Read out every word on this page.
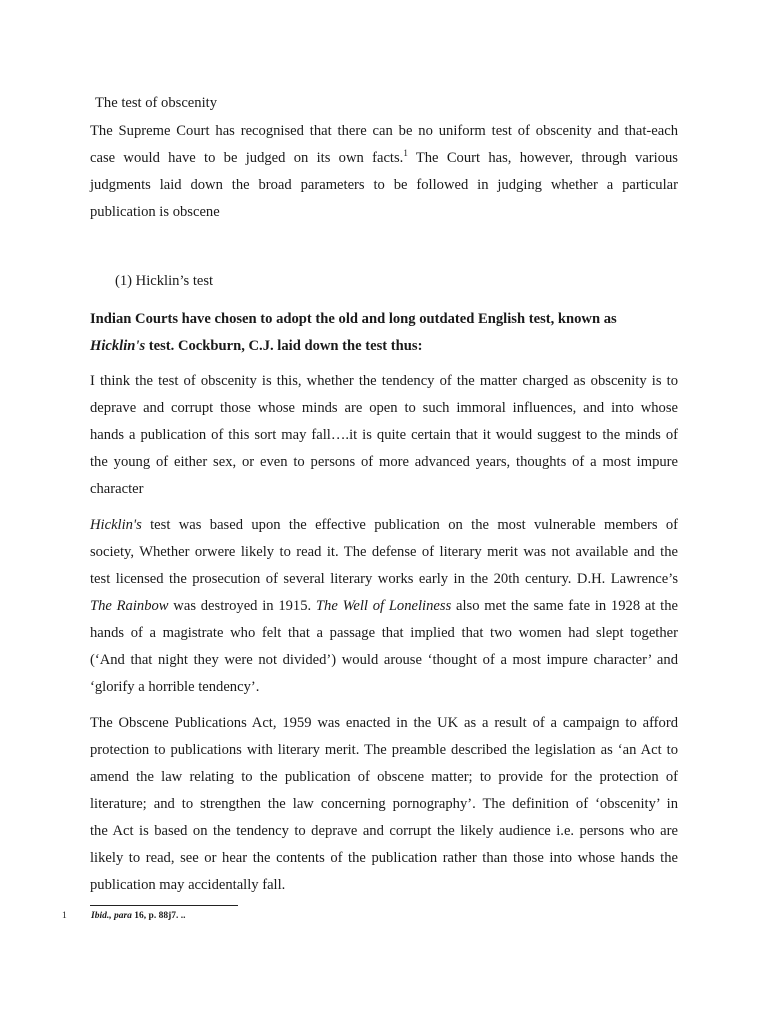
The test of obscenity
The Supreme Court has recognised that there can be no uniform test of obscenity and that-each
case would have to be judged on its own facts.$^1$ The Court has, however, through various
judgments laid down the broad parameters to be followed in judging whether a particular
publication is obscene
(1) Hicklin’s test
Indian Courts have chosen to adopt the old and long outdated English test, known as
Hicklin's test. Cockburn, C.J. laid down the test thus:
I think the test of obscenity is this, whether the tendency of the matter charged as obscenity is to
deprave and corrupt those whose minds are open to such immoral influences, and into whose
hands a publication of this sort may fall….it is quite certain that it would suggest to the minds of
the young of either sex, or even to persons of more advanced years, thoughts of a most impure
character
Hicklin's test was based upon the effective publication on the most vulnerable members of
society, Whether orwere likely to read it. The defense of literary merit was not available and the
test licensed the prosecution of several literary works early in the 20th century. D.H. Lawrence’s
The Rainbow was destroyed in 1915. The Well of Loneliness also met the same fate in 1928 at the
hands of a magistrate who felt that a passage that implied that two women had slept together
(‘And that night they were not divided’) would arouse ‘thought of a most impure character’ and
‘glorify a horrible tendency’.
The Obscene Publications Act, 1959 was enacted in the UK as a result of a campaign to afford
protection to publications with literary merit. The preamble described the legislation as ‘an Act to
amend the law relating to the publication of obscene matter; to provide for the protection of
literature; and to strengthen the law concerning pornography’. The definition of ‘obscenity’ in
the Act is based on the tendency to deprave and corrupt the likely audience i.e. persons who are
likely to read, see or hear the contents of the publication rather than those into whose hands the
publication may accidentally fall.
1	Ibid., para 16, p. 88j7. ..
